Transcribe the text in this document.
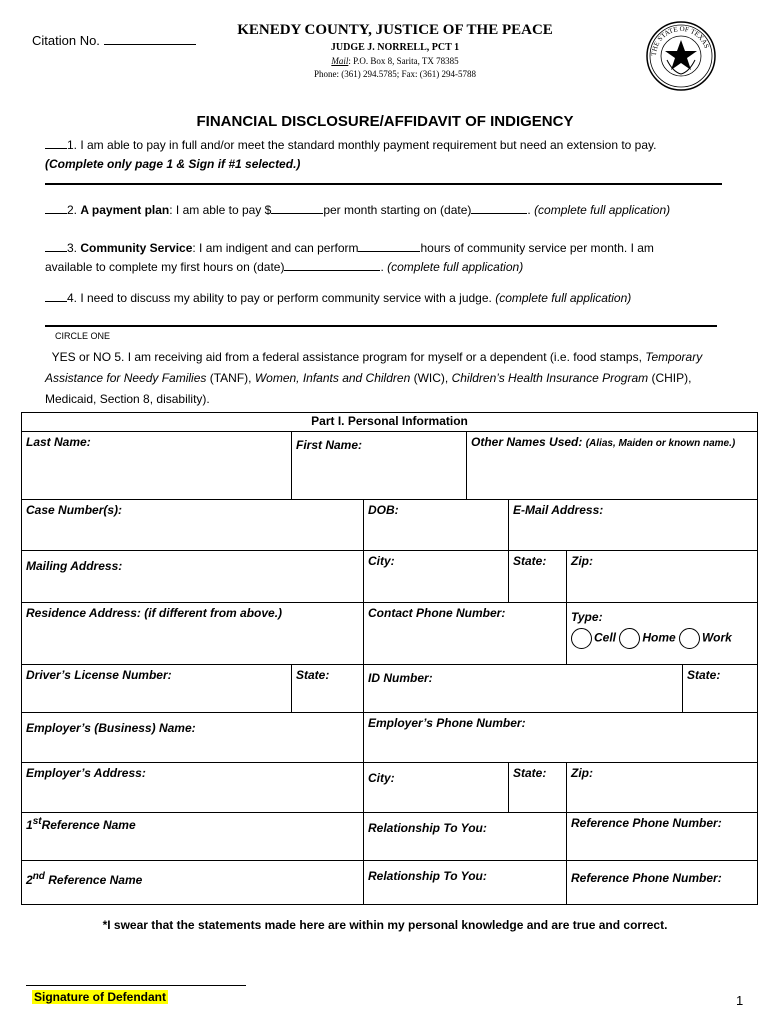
Citation No.
KENEDY COUNTY, JUSTICE OF THE PEACE
JUDGE J. NORRELL, PCT 1
Mail: P.O. Box 8, Sarita, TX 78385
Phone: (361) 294.5785; Fax: (361) 294-5788
THE STATE OF TEXAS
FINANCIAL DISCLOSURE/AFFIDAVIT OF INDIGENCY
1. I am able to pay in full and/or meet the standard monthly payment requirement but need an extension to pay.
(Complete only page 1 & Sign if #1 selected.)
2. A payment plan: I am able to pay $	per month starting on (date)	. (complete full application)
3. Community Service: I am indigent and can perform	hours of community service per month. I am
available to complete my first hours on (date)	. (complete full application)
4. I need to discuss my ability to pay or perform community service with a judge. (complete full application)
CIRCLE ONE
YES or NO 5. I am receiving aid from a federal assistance program for myself or a dependent (i.e. food stamps, Temporary Assistance for Needy Families (TANF), Women, Infants and Children (WIC), Children’s Health Insurance Program (CHIP), Medicaid, Section 8, disability).
Part I. Personal Information						
Last Name:	First Name:		Other Names Used: (Alias, Maiden or known name.)			
Case Number(s):		DOB:		E-Mail Address:		
Mailing Address:		City:		State:	Zip:	
Residence Address: (if different from above.)		Contact Phone Number:			Type:
Cell Home Work	

Driver’s License Number:	State:	ID Number:				State:
Employer’s (Business) Name:		Employer’s Phone Number:				
Employer’s Address:		City:		State:	Zip:	
1stReference Name		Relationship To You:			Reference Phone Number:	
2nd Reference Name		Relationship To You:			Reference Phone Number:	
*I swear that the statements made here are within my personal knowledge and are true and correct.
Signature of Defendant	1
